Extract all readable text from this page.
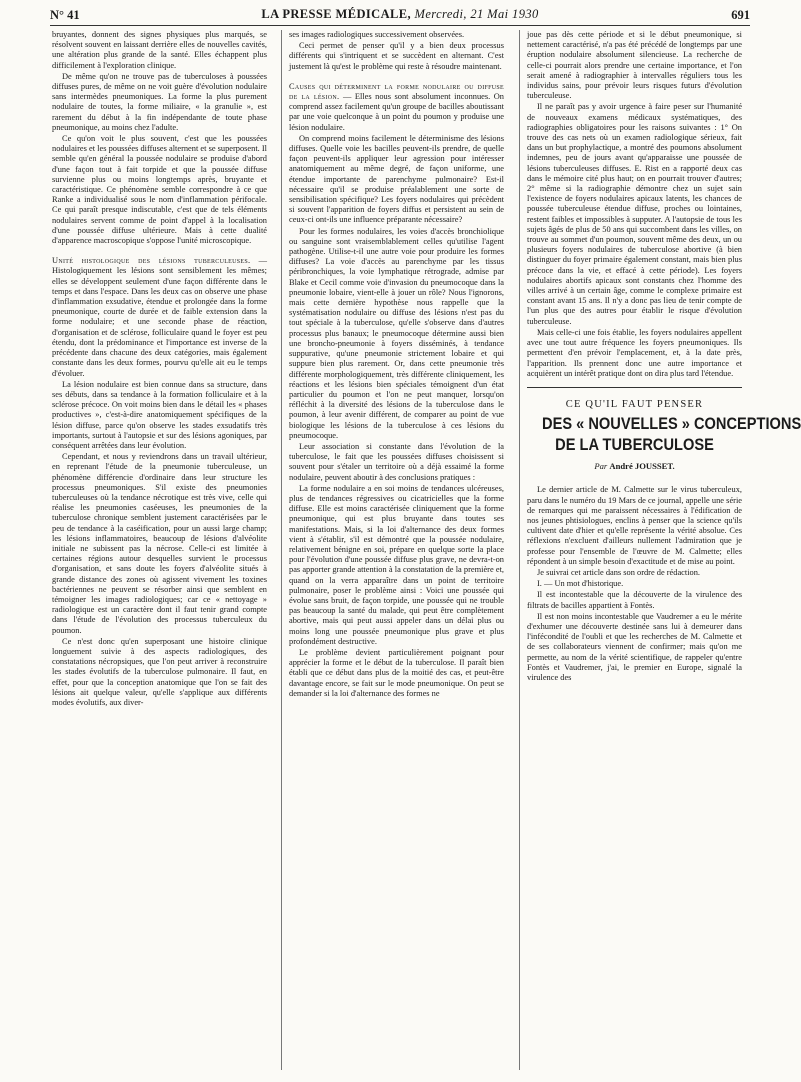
N° 41	LA PRESSE MÉDICALE, Mercredi, 21 Mai 1930	691

bruyantes, donnent des signes physiques plus marqués, se résolvent souvent en laissant derrière elles de nouvelles cavités, une altération plus grande de la santé. Elles échappent plus difficilement à l'exploration clinique.

De même qu'on ne trouve pas de tuberculoses à poussées diffuses pures, de même on ne voit guère d'évolution nodulaire sans intermèdes pneumoniques. La forme la plus purement nodulaire de toutes, la forme miliaire, « la granulie », est rarement du début à la fin indépendante de toute phase pneumonique, au moins chez l'adulte.

Ce qu'on voit le plus souvent, c'est que les poussées nodulaires et les poussées diffuses alternent et se superposent. Il semble qu'en général la poussée nodulaire se produise d'abord d'une façon tout à fait torpide et que la poussée diffuse survienne plus ou moins longtemps après, bruyante et caractéristique. Ce phénomène semble correspondre à ce que Ranke a individualisé sous le nom d'inflammation périfocale. Ce qui paraît presque indiscutable, c'est que de tels éléments nodulaires servent comme de point d'appel à la localisation d'une poussée diffuse ultérieure. Mais à cette dualité d'apparence macroscopique s'oppose l'unité microscopique.

Unité histologique des lésions tuberculeuses. — Histologiquement les lésions sont sensiblement les mêmes; elles se développent seulement d'une façon différente dans le temps et dans l'espace. Dans les deux cas on observe une phase d'inflammation exsudative, étendue et prolongée dans la forme pneumonique, courte de durée et de faible extension dans la forme nodulaire; et une seconde phase de réaction, d'organisation et de sclérose, folliculaire quand le foyer est peu étendu, dont la prédominance et l'importance est inverse de la précédente dans chacune des deux catégories, mais également constante dans les deux formes, pourvu qu'elle ait eu le temps d'évoluer.

La lésion nodulaire est bien connue dans sa structure, dans ses débuts, dans sa tendance à la formation folliculaire et à la sclérose précoce. On voit moins bien dans le détail les « phases productives », c'est-à-dire anatomiquement spécifiques de la lésion diffuse, parce qu'on observe les stades exsudatifs très importants, surtout à l'autopsie et sur des lésions agoniques, par conséquent arrêtées dans leur évolution.

Cependant, et nous y reviendrons dans un travail ultérieur, en reprenant l'étude de la pneumonie tuberculeuse, un phénomène différencie d'ordinaire dans leur structure les processus pneumoniques. S'il existe des pneumonies tuberculeuses où la tendance nécrotique est très vive, celle qui réalise les pneumonies caséeuses, les pneumonies de la tuberculose chronique semblent justement caractérisées par le peu de tendance à la caséification, pour un aussi large champ; les lésions inflammatoires, beaucoup de lésions d'alvéolite initiale ne subissent pas la nécrose. Celle-ci est limitée à certaines régions autour desquelles survient le processus d'organisation, et sans doute les foyers d'alvéolite situés à grande distance des zones où agissent vivement les toxines bactériennes ne peuvent se résorber ainsi que semblent en témoigner les images radiologiques; car ce « nettoyage » radiologique est un caractère dont il faut tenir grand compte dans l'étude de l'évolution des processus tuberculeux du poumon.

Ce n'est donc qu'en superposant une histoire clinique longuement suivie à des aspects radiologiques, des constatations nécropsiques, que l'on peut arriver à reconstruire les stades évolutifs de la tuberculose pulmonaire. Il faut, en effet, pour que la conception anatomique que l'on se fait des lésions ait quelque valeur, qu'elle s'applique aux différents modes évolutifs, aux diver-

ses images radiologiques successivement observées.

Ceci permet de penser qu'il y a bien deux processus différents qui s'intriquent et se succèdent en alternant. C'est justement là qu'est le problème qui reste à résoudre maintenant.

Causes qui déterminent la forme nodulaire ou diffuse de la lésion. — Elles nous sont absolument inconnues. On comprend assez facilement qu'un groupe de bacilles aboutissant par une voie quelconque à un point du poumon y produise une lésion nodulaire.

On comprend moins facilement le déterminisme des lésions diffuses. Quelle voie les bacilles peuvent-ils prendre, de quelle façon peuvent-ils appliquer leur agression pour intéresser anatomiquement au même degré, de façon uniforme, une étendue importante de parenchyme pulmonaire? Est-il nécessaire qu'il se produise préalablement une sorte de sensibilisation spécifique? Les foyers nodulaires qui précèdent si souvent l'apparition de foyers diffus et persistent au sein de ceux-ci ont-ils une influence préparante nécessaire?

Pour les formes nodulaires, les voies d'accès bronchiolique ou sanguine sont vraisemblablement celles qu'utilise l'agent pathogène. Utilise-t-il une autre voie pour produire les formes diffuses? La voie d'accès au parenchyme par les tissus péribronchiques, la voie lymphatique rétrograde, admise par Blake et Cecil comme voie d'invasion du pneumocoque dans la pneumonie lobaire, vient-elle à jouer un rôle? Nous l'ignorons, mais cette dernière hypothèse nous rappelle que la systématisation nodulaire ou diffuse des lésions n'est pas du tout spéciale à la tuberculose, qu'elle s'observe dans d'autres processus plus banaux; le pneumocoque détermine aussi bien une broncho-pneumonie à foyers disséminés, à tendance suppurative, qu'une pneumonie strictement lobaire et qui suppure bien plus rarement. Or, dans cette pneumonie très différente morphologiquement, très différente cliniquement, les réactions et les lésions bien spéciales témoignent d'un état particulier du poumon et l'on ne peut manquer, lorsqu'on réfléchit à la diversité des lésions de la tuberculose dans le poumon, à leur avenir différent, de comparer au point de vue biologique les lésions de la tuberculose à ces lésions du pneumocoque.

Leur association si constante dans l'évolution de la tuberculose, le fait que les poussées diffuses choisissent si souvent pour s'étaler un territoire où a déjà essaimé la forme nodulaire, peuvent aboutir à des conclusions pratiques :

La forme nodulaire a en soi moins de tendances ulcéreuses, plus de tendances régressives ou cicatricielles que la forme diffuse. Elle est moins caractérisée cliniquement que la forme pneumonique, qui est plus bruyante dans toutes ses manifestations. Mais, si la loi d'alternance des deux formes vient à s'établir, s'il est démontré que la poussée nodulaire, relativement bénigne en soi, prépare en quelque sorte la place pour l'évolution d'une poussée diffuse plus grave, ne devra-t-on pas apporter grande attention à la constatation de la première et, quand on la verra apparaître dans un point de territoire pulmonaire, poser le problème ainsi : Voici une poussée qui évolue sans bruit, de façon torpide, une poussée qui ne trouble pas beaucoup la santé du malade, qui peut être complètement abortive, mais qui peut aussi appeler dans un délai plus ou moins long une poussée pneumonique plus grave et plus profondément destructive.

Le problème devient particulièrement poignant pour apprécier la forme et le début de la tuberculose. Il paraît bien établi que ce début dans plus de la moitié des cas, et peut-être davantage encore, se fait sur le mode pneumonique. On peut se demander si la loi d'alternance des formes ne

joue pas dès cette période et si le début pneumonique, si nettement caractérisé, n'a pas été précédé de longtemps par une éruption nodulaire absolument silencieuse. La recherche de celle-ci pourrait alors prendre une certaine importance, et l'on serait amené à radiographier à intervalles réguliers tous les individus sains, pour prévoir leurs risques futurs d'évolution tuberculeuse.

Il ne paraît pas y avoir urgence à faire peser sur l'humanité de nouveaux examens médicaux systématiques, des radiographies obligatoires pour les raisons suivantes : 1° On trouve des cas nets où un examen radiologique sérieux, fait dans un but prophylactique, a montré des poumons absolument indemnes, peu de jours avant qu'apparaisse une poussée de lésions tuberculeuses diffuses. E. Rist en a rapporté deux cas dans le mémoire cité plus haut; on en pourrait trouver d'autres; 2° même si la radiographie démontre chez un sujet sain l'existence de foyers nodulaires apicaux latents, les chances de poussée tuberculeuse étendue diffuse, proches ou lointaines, restent faibles et impossibles à supputer. A l'autopsie de tous les sujets âgés de plus de 50 ans qui succombent dans les villes, on trouve au sommet d'un poumon, souvent même des deux, un ou plusieurs foyers nodulaires de tuberculose abortive (à bien distinguer du foyer primaire également constant, mais bien plus précoce dans la vie, et effacé à cette période). Les foyers nodulaires abortifs apicaux sont constants chez l'homme des villes arrivé à un certain âge, comme le complexe primaire est constant avant 15 ans. Il n'y a donc pas lieu de tenir compte de l'un plus que des autres pour établir le risque d'évolution tuberculeuse.

Mais celle-ci une fois établie, les foyers nodulaires appellent avec une tout autre fréquence les foyers pneumoniques. Ils permettent d'en prévoir l'emplacement, et, à la date près, l'apparition. Ils prennent donc une autre importance et acquièrent un intérêt pratique dont on dira plus tard l'étendue.

CE QU'IL FAUT PENSER
DES « NOUVELLES » CONCEPTIONS
DE LA TUBERCULOSE
Par André JOUSSET.

Le dernier article de M. Calmette sur le virus tuberculeux, paru dans le numéro du 19 Mars de ce journal, appelle une série de remarques qui me paraissent nécessaires à l'édification de nos jeunes phtisiologues, enclins à penser que la science qu'ils cultivent date d'hier et qu'elle représente la vérité absolue. Ces réflexions n'excluent d'ailleurs nullement l'admiration que je professe pour l'ensemble de l'œuvre de M. Calmette; elles répondent à un simple besoin d'exactitude et de mise au point.

Je suivrai cet article dans son ordre de rédaction.

I. — Un mot d'historique.

Il est incontestable que la découverte de la virulence des filtrats de bacilles appartient à Fontès.

Il est non moins incontestable que Vaudremer a eu le mérite d'exhumer une découverte destinée sans lui à demeurer dans l'infécondité de l'oubli et que les recherches de M. Calmette et de ses collaborateurs viennent de confirmer; mais qu'on me permette, au nom de la vérité scientifique, de rappeler qu'entre Fontès et Vaudremer, j'ai, le premier en Europe, signalé la virulence des
